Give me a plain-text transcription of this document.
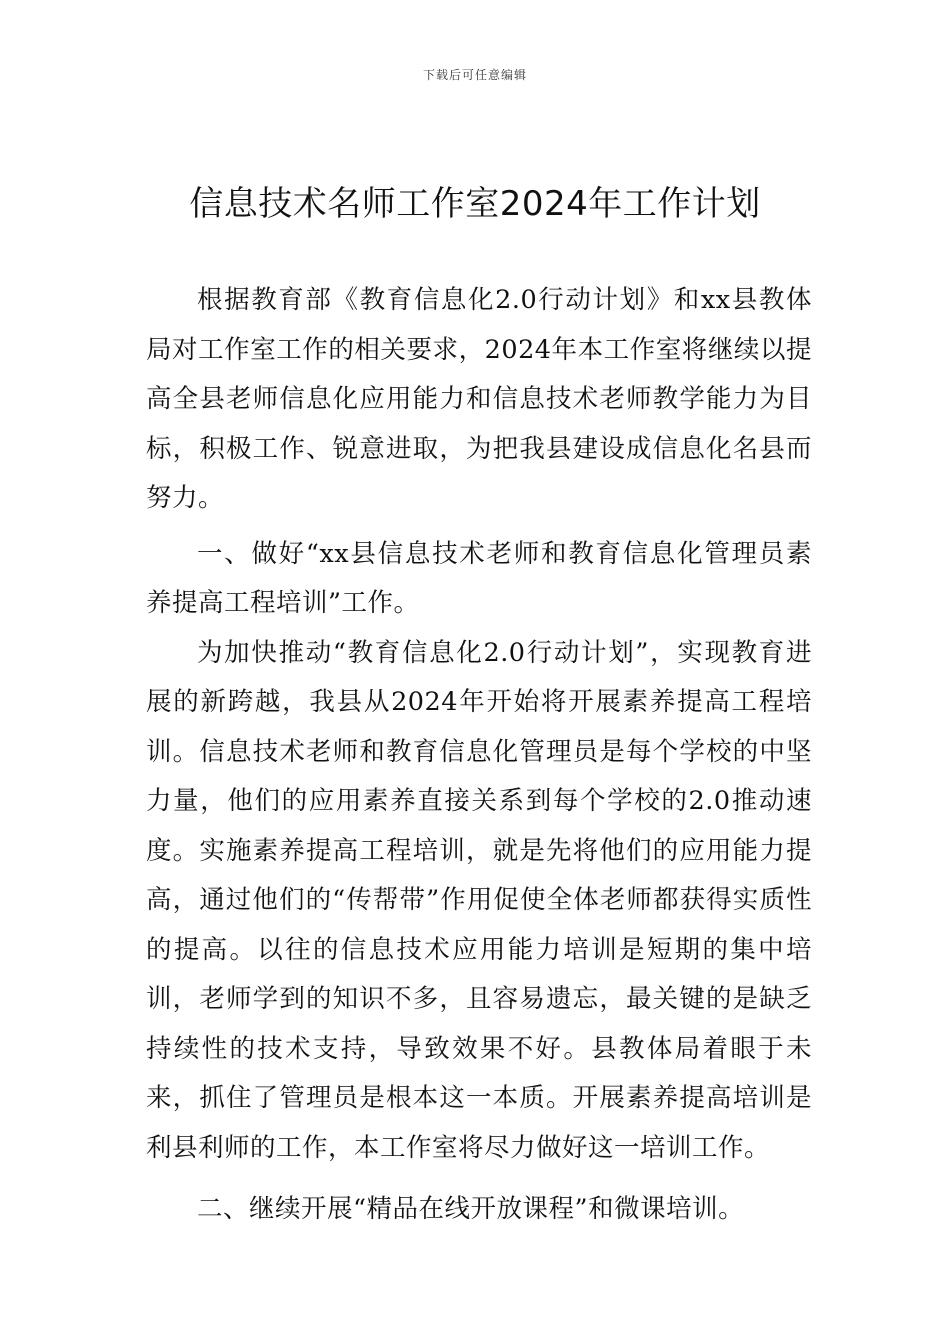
下载后可任意编辑
信息技术名师工作室2024年工作计划

根据教育部《教育信息化2.0行动计划》和xx县教体局对工作室工作的相关要求，2024年本工作室将继续以提高全县老师信息化应用能力和信息技术老师教学能力为目标，积极工作、锐意进取，为把我县建设成信息化名县而努力。

一、做好“xx县信息技术老师和教育信息化管理员素养提高工程培训”工作。

为加快推动“教育信息化2.0行动计划”，实现教育进展的新跨越，我县从2024年开始将开展素养提高工程培训。信息技术老师和教育信息化管理员是每个学校的中坚力量，他们的应用素养直接关系到每个学校的2.0推动速度。实施素养提高工程培训，就是先将他们的应用能力提高，通过他们的“传帮带”作用促使全体老师都获得实质性的提高。以往的信息技术应用能力培训是短期的集中培训，老师学到的知识不多，且容易遗忘，最关键的是缺乏持续性的技术支持，导致效果不好。县教体局着眼于未来，抓住了管理员是根本这一本质。开展素养提高培训是利县利师的工作，本工作室将尽力做好这一培训工作。

二、继续开展“精品在线开放课程”和微课培训。
